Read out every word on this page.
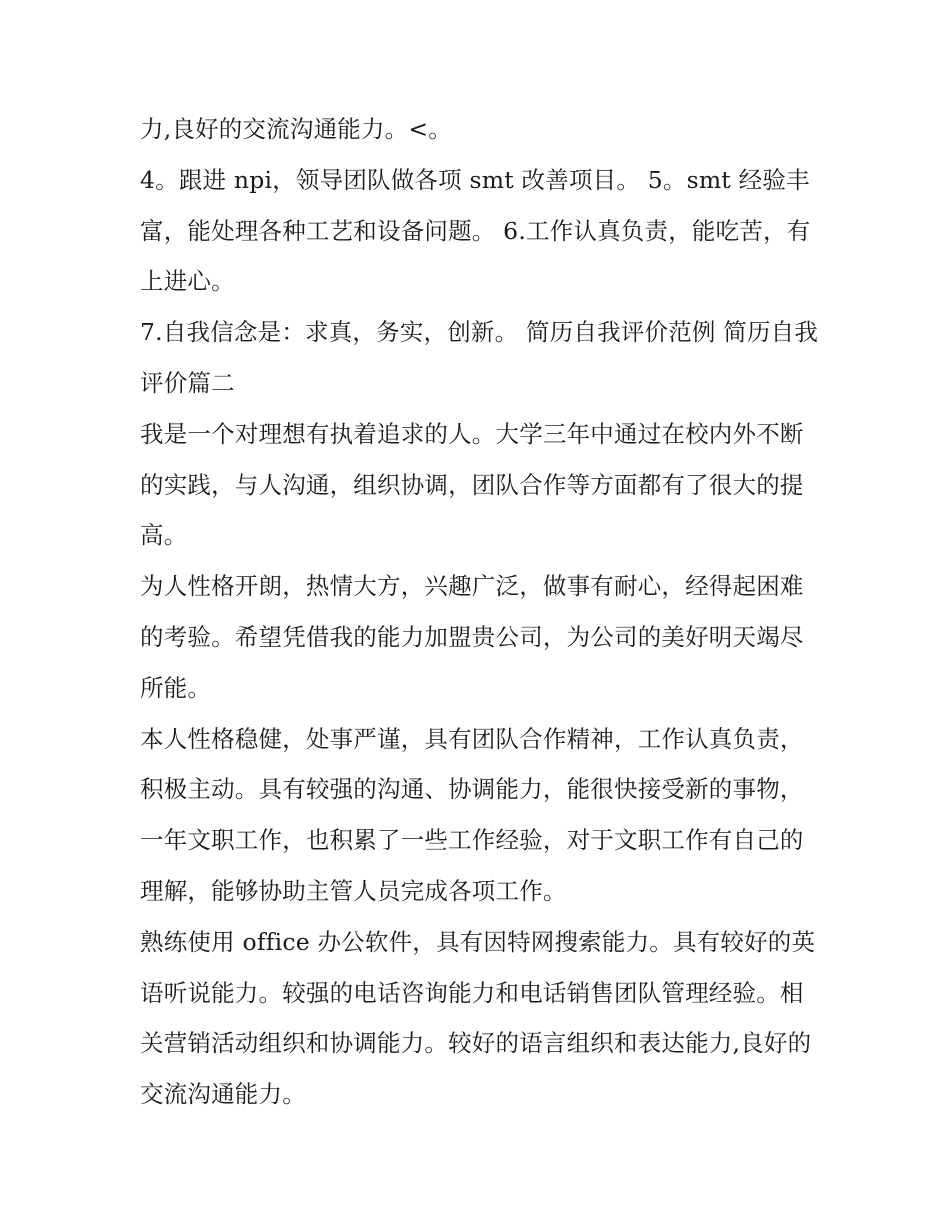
力,良好的交流沟通能力。<。

4。跟进 npi，领导团队做各项 smt 改善项目。 5。smt 经验丰富，能处理各种工艺和设备问题。 6.工作认真负责，能吃苦，有上进心。

7.自我信念是：求真，务实，创新。 简历自我评价范例 简历自我评价篇二

我是一个对理想有执着追求的人。大学三年中通过在校内外不断的实践，与人沟通，组织协调，团队合作等方面都有了很大的提高。

为人性格开朗，热情大方，兴趣广泛，做事有耐心，经得起困难的考验。希望凭借我的能力加盟贵公司，为公司的美好明天竭尽所能。

本人性格稳健，处事严谨，具有团队合作精神，工作认真负责，积极主动。具有较强的沟通、协调能力，能很快接受新的事物，一年文职工作，也积累了一些工作经验，对于文职工作有自己的理解，能够协助主管人员完成各项工作。

熟练使用 office 办公软件，具有因特网搜索能力。具有较好的英语听说能力。较强的电话咨询能力和电话销售团队管理经验。相关营销活动组织和协调能力。较好的语言组织和表达能力,良好的交流沟通能力。
